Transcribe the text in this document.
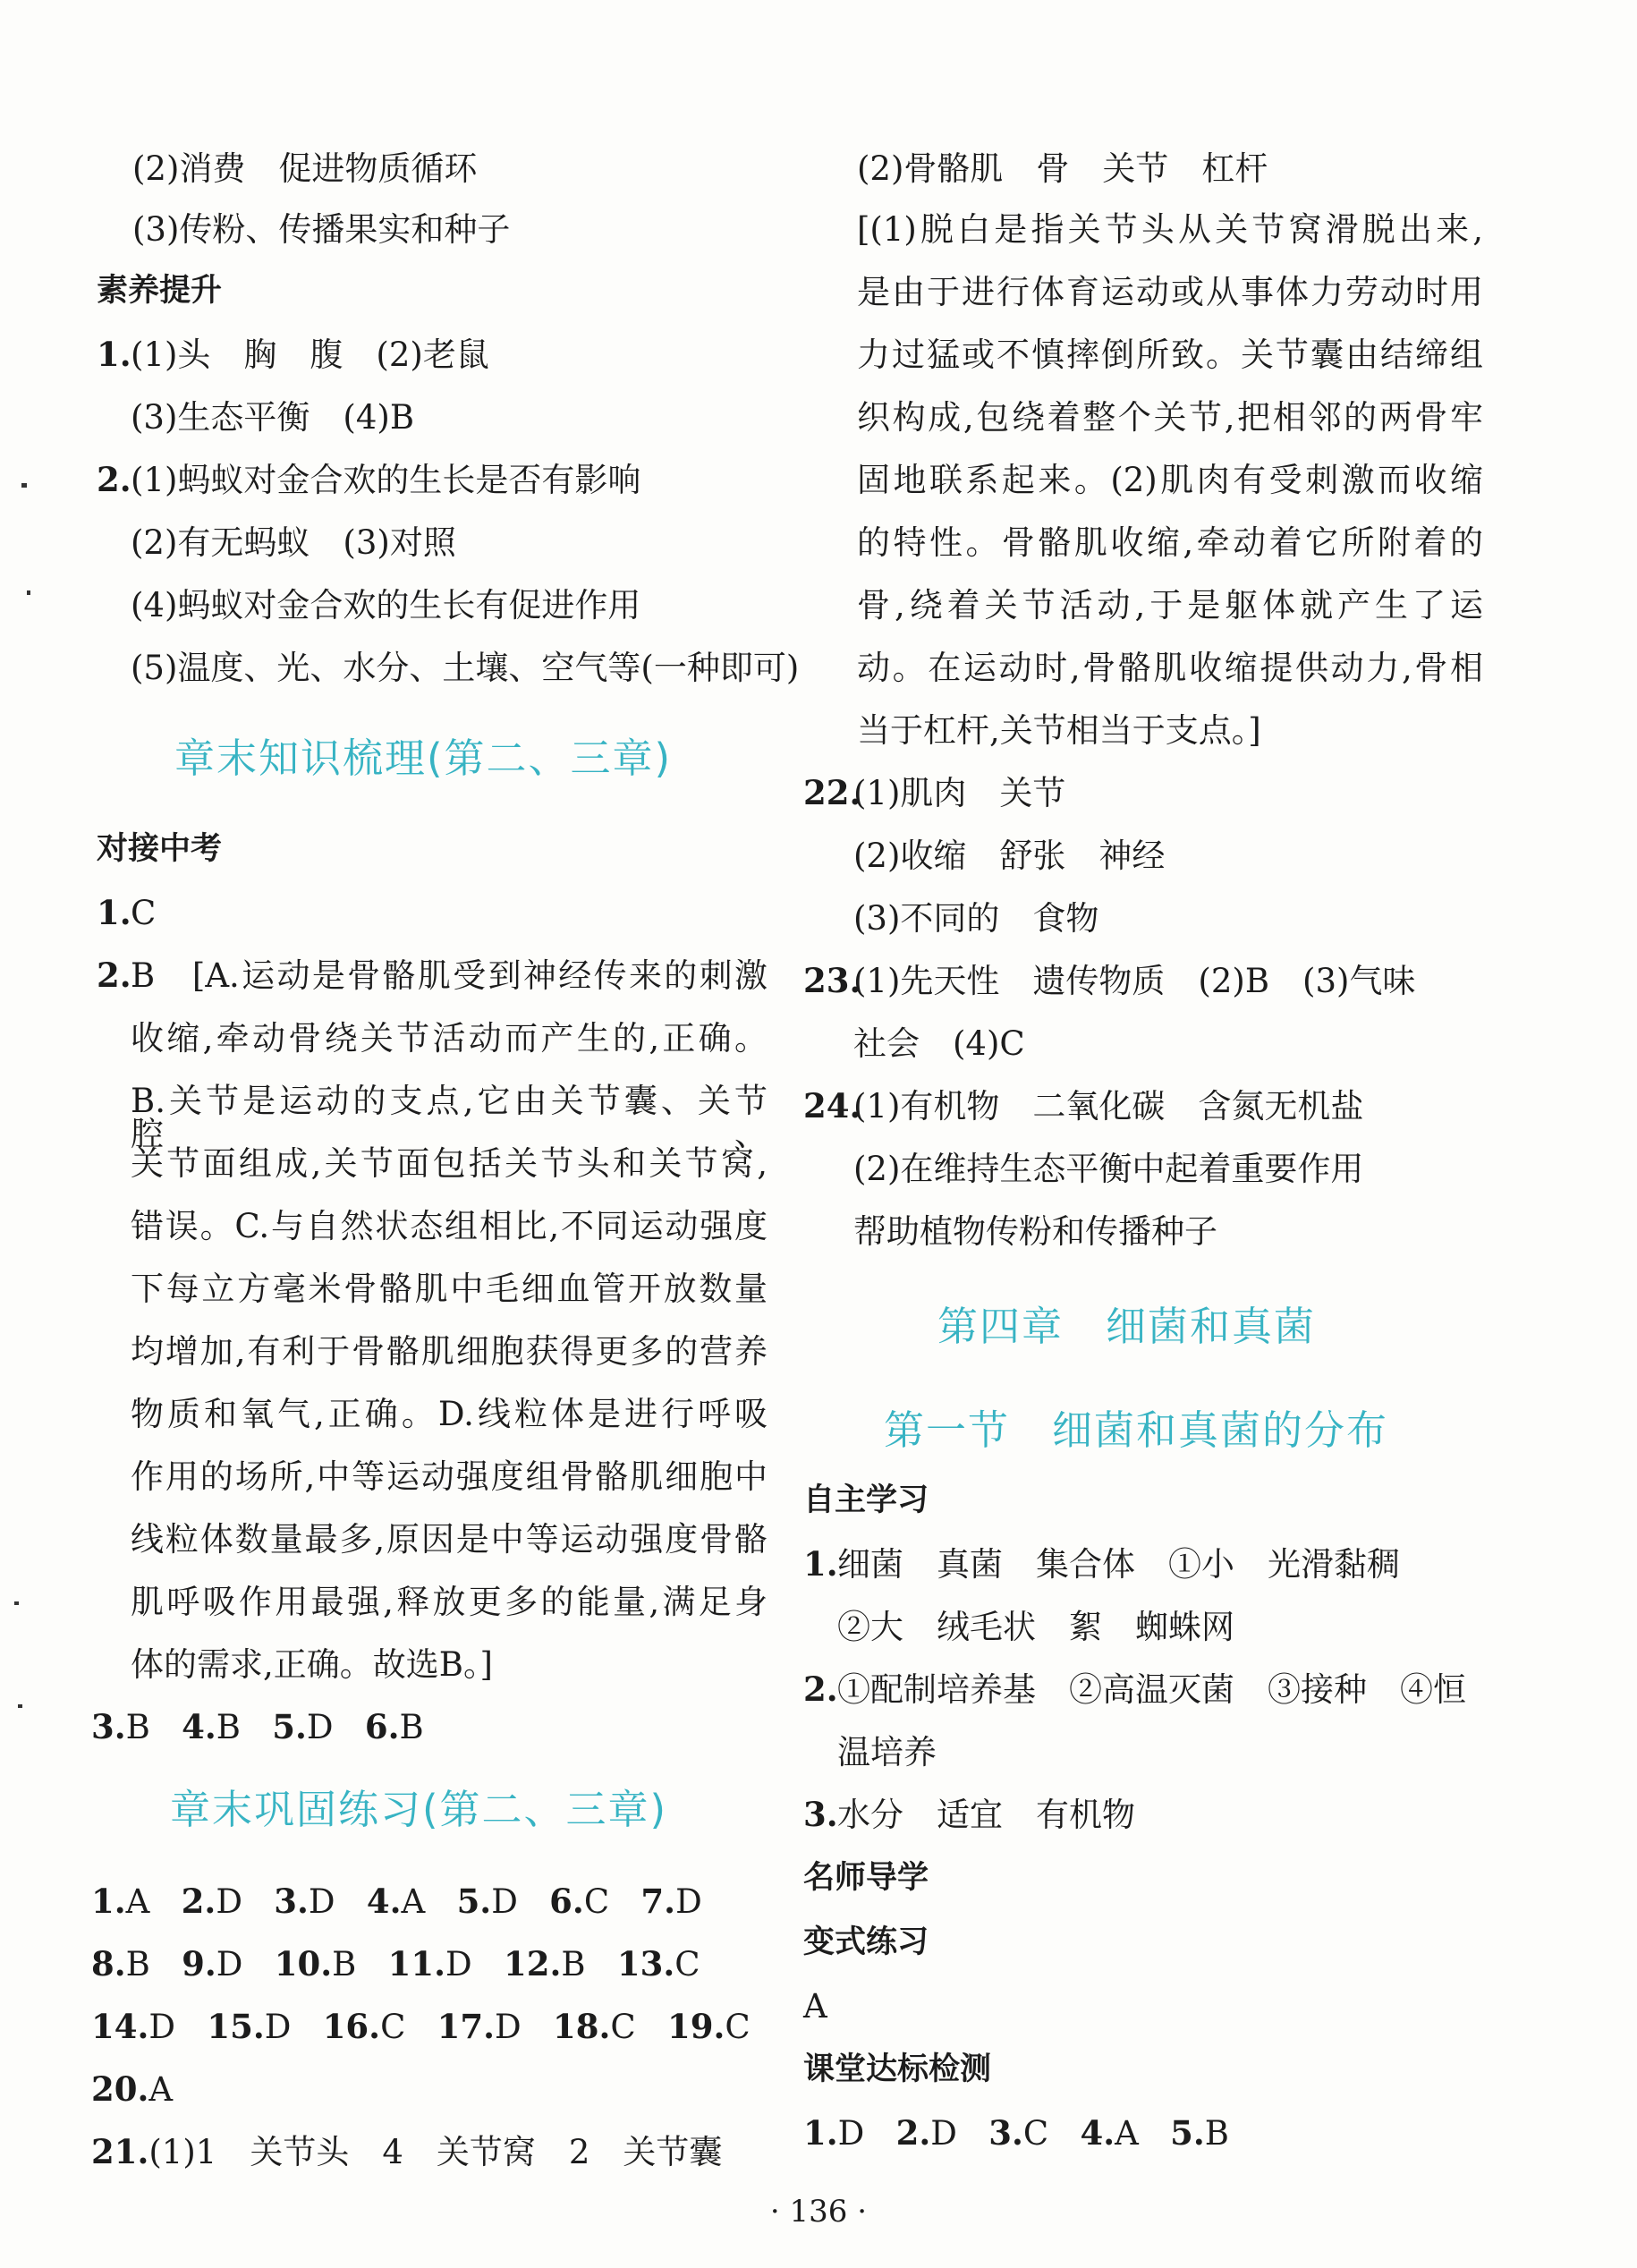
(2)消费　促进物质循环
(3)传粉、传播果实和种子
素养提升
1. (1)头　胸　腹　(2)老鼠
(3)生态平衡　(4)B
2. (1)蚂蚁对金合欢的生长是否有影响
(2)有无蚂蚁　(3)对照
(4)蚂蚁对金合欢的生长有促进作用
(5)温度、光、水分、土壤、空气等(一种即可)
章末知识梳理(第二、三章)
对接中考
1. C
2. B　[A.运动是骨骼肌受到神经传来的刺激
收缩,牵动骨绕关节活动而产生的,正确。
B.关节是运动的支点,它由关节囊、关节腔、
关节面组成,关节面包括关节头和关节窝,
错误。C.与自然状态组相比,不同运动强度
下每立方毫米骨骼肌中毛细血管开放数量
均增加,有利于骨骼肌细胞获得更多的营养
物质和氧气,正确。D.线粒体是进行呼吸
作用的场所,中等运动强度组骨骼肌细胞中
线粒体数量最多,原因是中等运动强度骨骼
肌呼吸作用最强,释放更多的能量,满足身
体的需求,正确。故选B。]
3.B 4.B 5.D 6.B
章末巩固练习(第二、三章)
1.A 2.D 3.D 4.A 5.D 6.C 7.D
8.B 9.D 10.B 11.D 12.B 13.C
14.D 15.D 16.C 17.D 18.C 19.C
20.A
21.(1)1　关节头　4　关节窝　2　关节囊
(2)骨骼肌　骨　关节　杠杆
[(1)脱白是指关节头从关节窝滑脱出来,
是由于进行体育运动或从事体力劳动时用
力过猛或不慎摔倒所致。关节囊由结缔组
织构成,包绕着整个关节,把相邻的两骨牢
固地联系起来。(2)肌肉有受刺激而收缩
的特性。骨骼肌收缩,牵动着它所附着的
骨,绕着关节活动,于是躯体就产生了运
动。在运动时,骨骼肌收缩提供动力,骨相
当于杠杆,关节相当于支点。]
22.
(1)肌肉　关节
(2)收缩　舒张　神经
(3)不同的　食物
23.
(1)先天性　遗传物质　(2)B　(3)气味
社会　(4)C
24.
(1)有机物　二氧化碳　含氮无机盐
(2)在维持生态平衡中起着重要作用
帮助植物传粉和传播种子
第四章　细菌和真菌
第一节　细菌和真菌的分布
自主学习
1. 细菌　真菌　集合体　①小　光滑黏稠
②大　绒毛状　絮　蜘蛛网
2. ①配制培养基　②高温灭菌　③接种　④恒
温培养
3. 水分　适宜　有机物
名师导学
变式练习
A
课堂达标检测
1.D 2.D 3.C 4.A 5.B
· 136 ·
